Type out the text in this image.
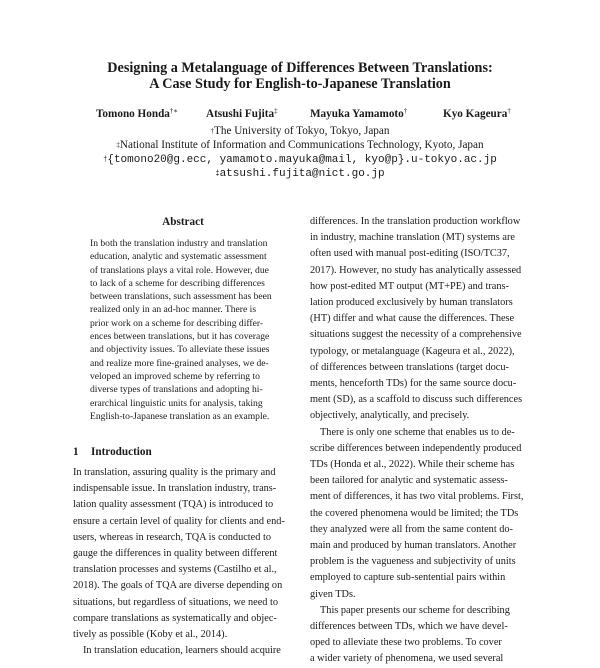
Designing a Metalanguage of Differences Between Translations:
A Case Study for English-to-Japanese Translation
Tomono Honda†∗ Atsushi Fujita‡	Mayuka Yamamoto†	Kyo Kageura†
†The University of Tokyo, Tokyo, Japan
‡National Institute of Information and Communications Technology, Kyoto, Japan
†{tomono20@g.ecc, yamamoto.mayuka@mail, kyo@p}.u-tokyo.ac.jp
‡atsushi.fujita@nict.go.jp
Abstract
In both the translation industry and translation
education, analytic and systematic assessment
of translations plays a vital role. However, due
to lack of a scheme for describing differences
between translations, such assessment has been
realized only in an ad-hoc manner. There is
prior work on a scheme for describing differ-
ences between translations, but it has coverage
and objectivity issues. To alleviate these issues
and realize more fine-grained analyses, we de-
veloped an improved scheme by referring to
diverse types of translations and adopting hi-
erarchical linguistic units for analysis, taking
English-to-Japanese translation as an example.
1 Introduction
In translation, assuring quality is the primary and
indispensable issue. In translation industry, trans-
lation quality assessment (TQA) is introduced to
ensure a certain level of quality for clients and end-
users, whereas in research, TQA is conducted to
gauge the differences in quality between different
translation processes and systems (Castilho et al.,
2018). The goals of TQA are diverse depending on
situations, but regardless of situations, we need to
compare translations as systematically and objec-
tively as possible (Koby et al., 2014).
In translation education, learners should acquire
differences. In the translation production workflow
in industry, machine translation (MT) systems are
often used with manual post-editing (ISO/TC37,
2017). However, no study has analytically assessed
how post-edited MT output (MT+PE) and trans-
lation produced exclusively by human translators
(HT) differ and what cause the differences. These
situations suggest the necessity of a comprehensive
typology, or metalanguage (Kageura et al., 2022),
of differences between translations (target docu-
ments, henceforth TDs) for the same source docu-
ment (SD), as a scaffold to discuss such differences
objectively, analytically, and precisely.
There is only one scheme that enables us to de-
scribe differences between independently produced
TDs (Honda et al., 2022). While their scheme has
been tailored for analytic and systematic assess-
ment of differences, it has two vital problems. First,
the covered phenomena would be limited; the TDs
they analyzed were all from the same content do-
main and produced by human translators. Another
problem is the vagueness and subjectivity of units
employed to capture sub-sentential pairs within
given TDs.
This paper presents our scheme for describing
differences between TDs, which we have devel-
oped to alleviate these two problems. To cover
a wider variety of phenomena, we used several
